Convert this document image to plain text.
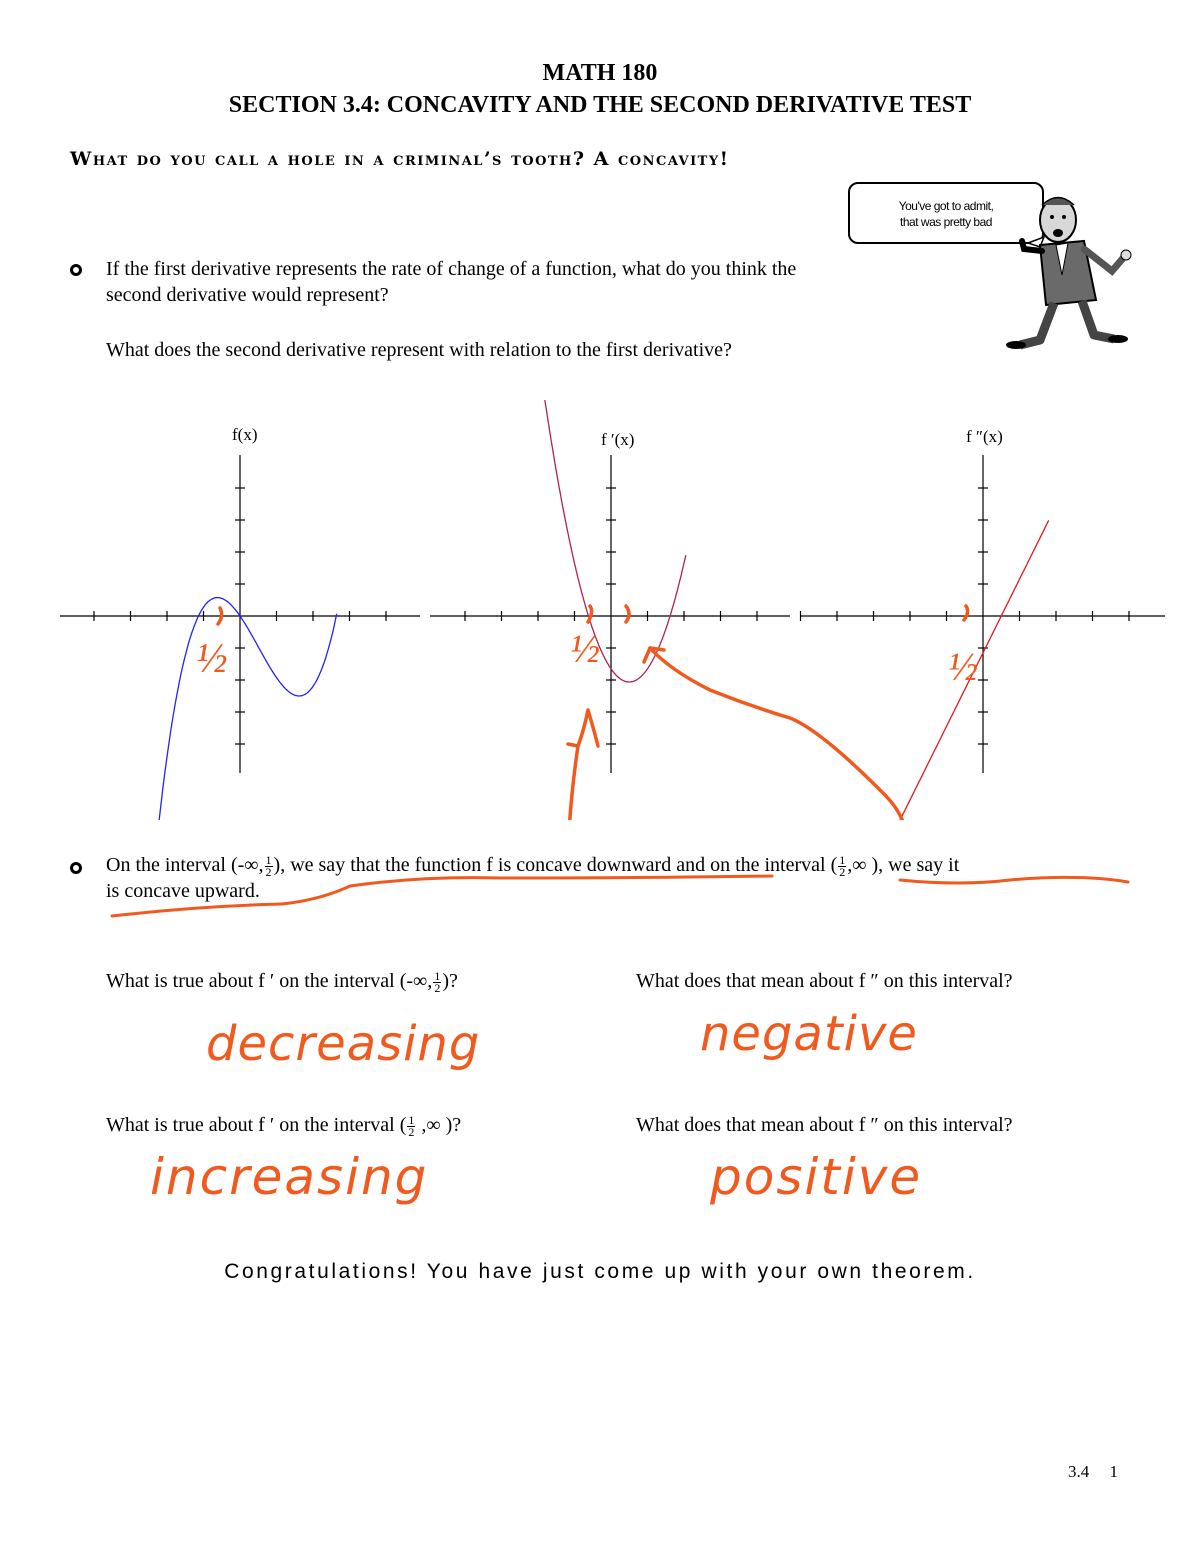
MATH 180
SECTION 3.4: CONCAVITY AND THE SECOND DERIVATIVE TEST
What do you call a hole in a criminal’s tooth? A concavity!
You've got to admit,
that was pretty bad
If the first derivative represents the rate of change of a function, what do you think the
second derivative would represent?
What does the second derivative represent with relation to the first derivative?
f(x)	f ′(x)	f ″(x)
½	½	½
On the interval (-∞, $\frac{1}{2}$ ), we say that the function f is concave downward and on the interval ( $\frac{1}{2}$ ,∞ ), we say it
is concave upward.
What is true about f ′ on the interval (-∞, $\frac{1}{2}$ )?	What does that mean about f ″ on this interval?
decreasing	negative
What is true about f ′ on the interval ( $\frac{1}{2}$ ,∞ )?	What does that mean about f ″ on this interval?
increasing	positive
Congratulations! You have just come up with your own theorem.
3.4 1
